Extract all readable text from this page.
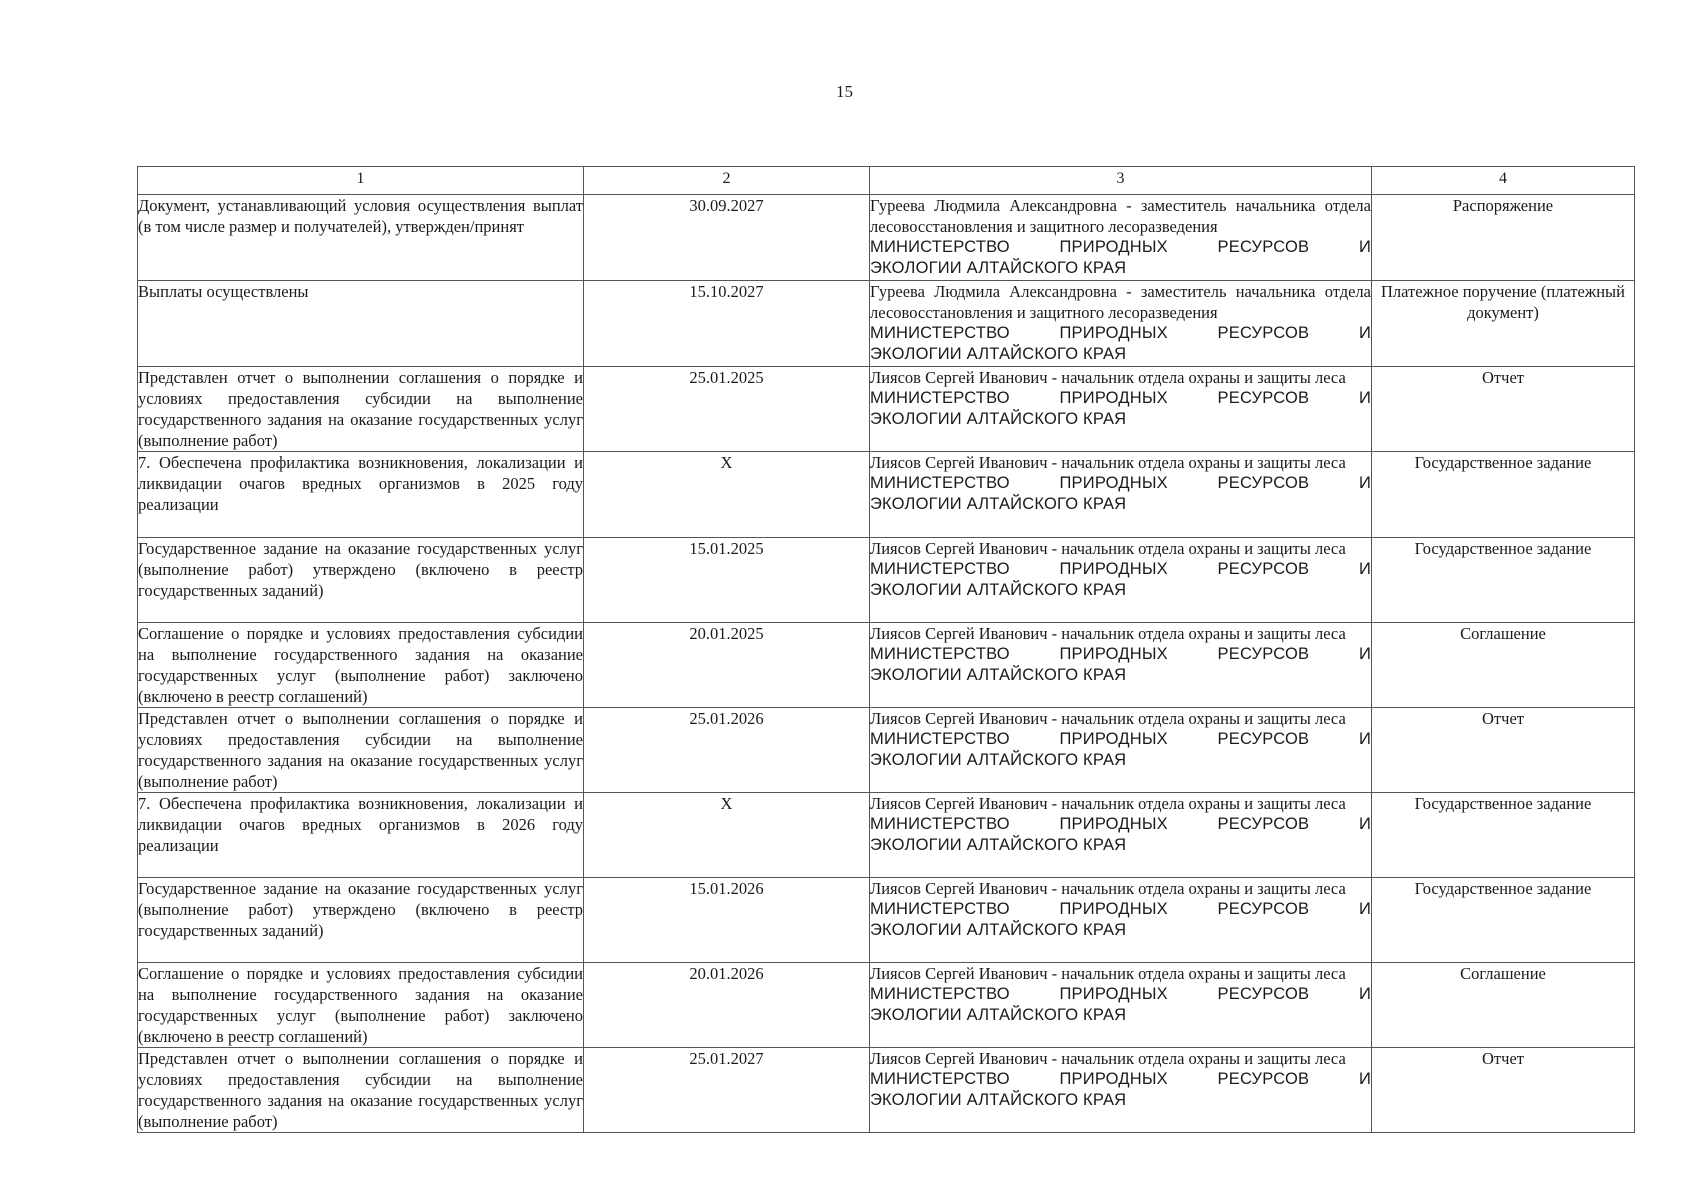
15
1	2	3	4
Документ, устанавливающий условия осуществления выплат (в том числе размер и получателей), утвержден/принят	30.09.2027	Гуреева Людмила Александровна - заместитель начальника отдела лесовосстановления и защитного лесоразведения
МИНИСТЕРСТВО ПРИРОДНЫХ РЕСУРСОВ И
ЭКОЛОГИИ АЛТАЙСКОГО КРАЯ	Распоряжение
Выплаты осуществлены	15.10.2027	Гуреева Людмила Александровна - заместитель начальника отдела лесовосстановления и защитного лесоразведения
МИНИСТЕРСТВО ПРИРОДНЫХ РЕСУРСОВ И
ЭКОЛОГИИ АЛТАЙСКОГО КРАЯ	Платежное поручение (платежный документ)
Представлен отчет о выполнении соглашения о порядке и условиях предоставления субсидии на выполнение государственного задания на оказание государственных услуг (выполнение работ)	25.01.2025	Лиясов Сергей Иванович - начальник отдела охраны и защиты леса
МИНИСТЕРСТВО ПРИРОДНЫХ РЕСУРСОВ И
ЭКОЛОГИИ АЛТАЙСКОГО КРАЯ	Отчет
7. Обеспечена профилактика возникновения, локализации и ликвидации очагов вредных организмов в 2025 году реализации	X	Лиясов Сергей Иванович - начальник отдела охраны и защиты леса
МИНИСТЕРСТВО ПРИРОДНЫХ РЕСУРСОВ И
ЭКОЛОГИИ АЛТАЙСКОГО КРАЯ	Государственное задание
Государственное задание на оказание государственных услуг (выполнение работ) утверждено (включено в реестр государственных заданий)	15.01.2025	Лиясов Сергей Иванович - начальник отдела охраны и защиты леса
МИНИСТЕРСТВО ПРИРОДНЫХ РЕСУРСОВ И
ЭКОЛОГИИ АЛТАЙСКОГО КРАЯ	Государственное задание
Соглашение о порядке и условиях предоставления субсидии на выполнение государственного задания на оказание государственных услуг (выполнение работ) заключено (включено в реестр соглашений)	20.01.2025	Лиясов Сергей Иванович - начальник отдела охраны и защиты леса
МИНИСТЕРСТВО ПРИРОДНЫХ РЕСУРСОВ И
ЭКОЛОГИИ АЛТАЙСКОГО КРАЯ	Соглашение
Представлен отчет о выполнении соглашения о порядке и условиях предоставления субсидии на выполнение государственного задания на оказание государственных услуг (выполнение работ)	25.01.2026	Лиясов Сергей Иванович - начальник отдела охраны и защиты леса
МИНИСТЕРСТВО ПРИРОДНЫХ РЕСУРСОВ И
ЭКОЛОГИИ АЛТАЙСКОГО КРАЯ	Отчет
7. Обеспечена профилактика возникновения, локализации и ликвидации очагов вредных организмов в 2026 году реализации	X	Лиясов Сергей Иванович - начальник отдела охраны и защиты леса
МИНИСТЕРСТВО ПРИРОДНЫХ РЕСУРСОВ И
ЭКОЛОГИИ АЛТАЙСКОГО КРАЯ	Государственное задание
Государственное задание на оказание государственных услуг (выполнение работ) утверждено (включено в реестр государственных заданий)	15.01.2026	Лиясов Сергей Иванович - начальник отдела охраны и защиты леса
МИНИСТЕРСТВО ПРИРОДНЫХ РЕСУРСОВ И
ЭКОЛОГИИ АЛТАЙСКОГО КРАЯ	Государственное задание
Соглашение о порядке и условиях предоставления субсидии на выполнение государственного задания на оказание государственных услуг (выполнение работ) заключено (включено в реестр соглашений)	20.01.2026	Лиясов Сергей Иванович - начальник отдела охраны и защиты леса
МИНИСТЕРСТВО ПРИРОДНЫХ РЕСУРСОВ И
ЭКОЛОГИИ АЛТАЙСКОГО КРАЯ	Соглашение
Представлен отчет о выполнении соглашения о порядке и условиях предоставления субсидии на выполнение государственного задания на оказание государственных услуг (выполнение работ)	25.01.2027	Лиясов Сергей Иванович - начальник отдела охраны и защиты леса
МИНИСТЕРСТВО ПРИРОДНЫХ РЕСУРСОВ И
ЭКОЛОГИИ АЛТАЙСКОГО КРАЯ	Отчет
